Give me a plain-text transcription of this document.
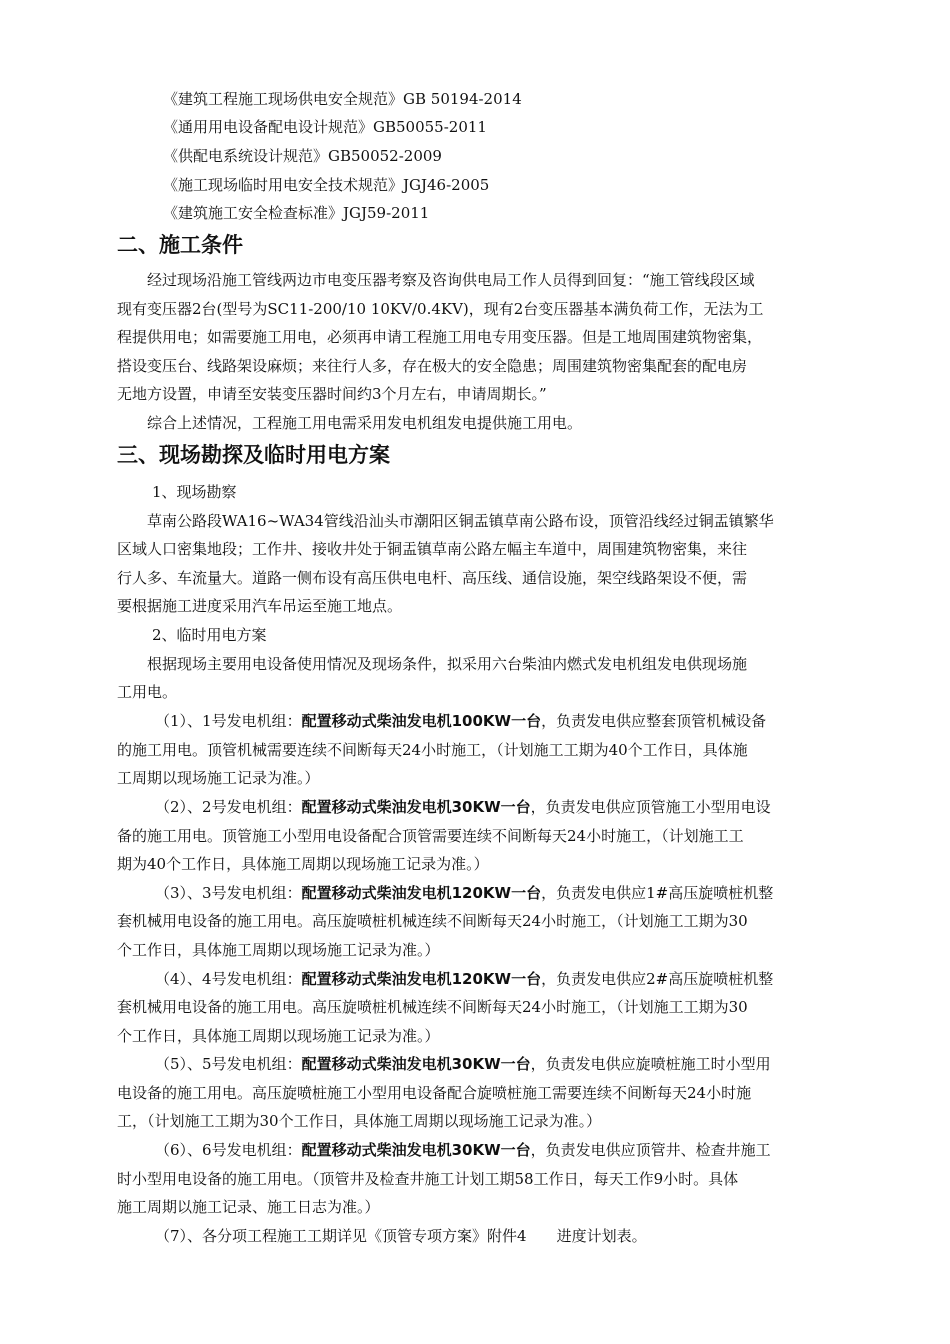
《建筑工程施工现场供电安全规范》GB 50194-2014
《通用用电设备配电设计规范》GB50055-2011
《供配电系统设计规范》GB50052-2009
《施工现场临时用电安全技术规范》JGJ46-2005
《建筑施工安全检查标准》JGJ59-2011
二、施工条件
经过现场沿施工管线两边市电变压器考察及咨询供电局工作人员得到回复：“施工管线段区域
现有变压器2台(型号为SC11-200/10 10KV/0.4KV)，现有2台变压器基本满负荷工作，无法为工
程提供用电；如需要施工用电，必须再申请工程施工用电专用变压器。但是工地周围建筑物密集，
搭设变压台、线路架设麻烦；来往行人多，存在极大的安全隐患；周围建筑物密集配套的配电房
无地方设置，申请至安装变压器时间约3个月左右，申请周期长。”
综合上述情况，工程施工用电需采用发电机组发电提供施工用电。
三、现场勘探及临时用电方案
1、现场勘察
草南公路段WA16~WA34管线沿汕头市潮阳区铜盂镇草南公路布设，顶管沿线经过铜盂镇繁华
区域人口密集地段；工作井、接收井处于铜盂镇草南公路左幅主车道中，周围建筑物密集，来往
行人多、车流量大。道路一侧布设有高压供电电杆、高压线、通信设施，架空线路架设不便，需
要根据施工进度采用汽车吊运至施工地点。
2、临时用电方案
根据现场主要用电设备使用情况及现场条件，拟采用六台柴油内燃式发电机组发电供现场施
工用电。
（1）、1号发电机组：配置移动式柴油发电机100KW一台，负责发电供应整套顶管机械设备
的施工用电。顶管机械需要连续不间断每天24小时施工，（计划施工工期为40个工作日，具体施
工周期以现场施工记录为准。）
（2）、2号发电机组：配置移动式柴油发电机30KW一台，负责发电供应顶管施工小型用电设
备的施工用电。顶管施工小型用电设备配合顶管需要连续不间断每天24小时施工，（计划施工工
期为40个工作日，具体施工周期以现场施工记录为准。）
（3）、3号发电机组：配置移动式柴油发电机120KW一台，负责发电供应1#高压旋喷桩机整
套机械用电设备的施工用电。高压旋喷桩机械连续不间断每天24小时施工，（计划施工工期为30
个工作日，具体施工周期以现场施工记录为准。）
（4）、4号发电机组：配置移动式柴油发电机120KW一台，负责发电供应2#高压旋喷桩机整
套机械用电设备的施工用电。高压旋喷桩机械连续不间断每天24小时施工，（计划施工工期为30
个工作日，具体施工周期以现场施工记录为准。）
（5）、5号发电机组：配置移动式柴油发电机30KW一台，负责发电供应旋喷桩施工时小型用
电设备的施工用电。高压旋喷桩施工小型用电设备配合旋喷桩施工需要连续不间断每天24小时施
工，（计划施工工期为30个工作日，具体施工周期以现场施工记录为准。）
（6）、6号发电机组：配置移动式柴油发电机30KW一台，负责发电供应顶管井、检查井施工
时小型用电设备的施工用电。（顶管井及检查井施工计划工期58工作日，每天工作9小时。具体
施工周期以施工记录、施工日志为准。）
（7）、各分项工程施工工期详见《顶管专项方案》附件4　　进度计划表。
